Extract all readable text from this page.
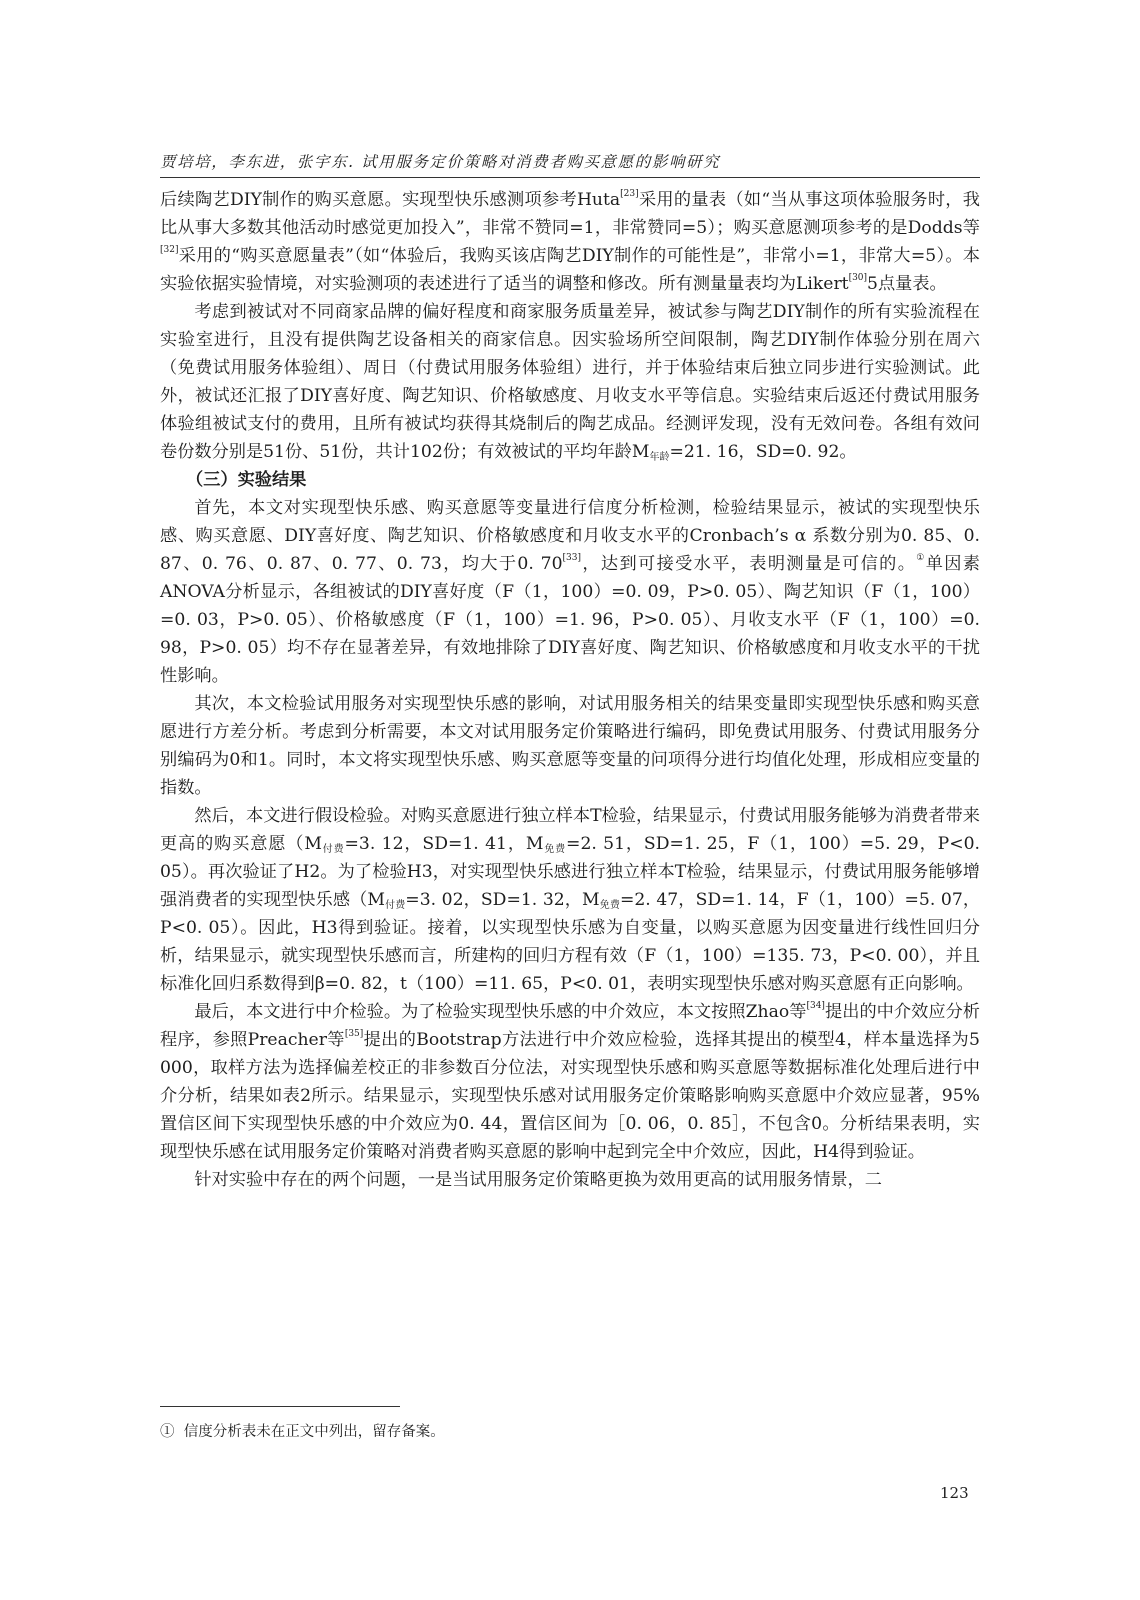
贾培培，李东进，张宇东. 试用服务定价策略对消费者购买意愿的影响研究

后续陶艺DIY制作的购买意愿。实现型快乐感测项参考Huta[23]采用的量表（如“当从事这项体验服务时，我比从事大多数其他活动时感觉更加投入”，非常不赞同=1，非常赞同=5）；购买意愿测项参考的是Dodds等[32]采用的“购买意愿量表”（如“体验后，我购买该店陶艺DIY制作的可能性是”，非常小=1，非常大=5）。本实验依据实验情境，对实验测项的表述进行了适当的调整和修改。所有测量量表均为Likert[30]5点量表。

考虑到被试对不同商家品牌的偏好程度和商家服务质量差异，被试参与陶艺DIY制作的所有实验流程在实验室进行，且没有提供陶艺设备相关的商家信息。因实验场所空间限制，陶艺DIY制作体验分别在周六（免费试用服务体验组）、周日（付费试用服务体验组）进行，并于体验结束后独立同步进行实验测试。此外，被试还汇报了DIY喜好度、陶艺知识、价格敏感度、月收支水平等信息。实验结束后返还付费试用服务体验组被试支付的费用，且所有被试均获得其烧制后的陶艺成品。经测评发现，没有无效问卷。各组有效问卷份数分别是51份、51份，共计102份；有效被试的平均年龄$M_{年龄}=21$. 16，SD=0. 92。

（三）实验结果

首先，本文对实现型快乐感、购买意愿等变量进行信度分析检测，检验结果显示，被试的实现型快乐感、购买意愿、DIY喜好度、陶艺知识、价格敏感度和月收支水平的Cronbach’s α 系数分别为0. 85、0. 87、0. 76、0. 87、0. 77、0. 73，均大于0. 70[33]，达到可接受水平，表明测量是可信的。①单因素ANOVA分析显示，各组被试的DIY喜好度（F（1，100）=0. 09，P>0. 05）、陶艺知识（F（1，100）=0. 03，P>0. 05）、价格敏感度（F（1，100）=1. 96，P>0. 05）、月收支水平（F（1，100）=0. 98，P>0. 05）均不存在显著差异，有效地排除了DIY喜好度、陶艺知识、价格敏感度和月收支水平的干扰性影响。

其次，本文检验试用服务对实现型快乐感的影响，对试用服务相关的结果变量即实现型快乐感和购买意愿进行方差分析。考虑到分析需要，本文对试用服务定价策略进行编码，即免费试用服务、付费试用服务分别编码为0和1。同时，本文将实现型快乐感、购买意愿等变量的问项得分进行均值化处理，形成相应变量的指数。

然后，本文进行假设检验。对购买意愿进行独立样本T检验，结果显示，付费试用服务能够为消费者带来更高的购买意愿（$M_{付费}=3$. 12，SD=1. 41，$M_{免费}=2$. 51，SD=1. 25，F（1，100）=5. 29，P<0. 05）。再次验证了H2。为了检验H3，对实现型快乐感进行独立样本T检验，结果显示，付费试用服务能够增强消费者的实现型快乐感（$M_{付费}=3$. 02，SD=1. 32，$M_{免费}=2$. 47，SD=1. 14，F（1，100）=5. 07，P<0. 05）。因此，H3得到验证。接着，以实现型快乐感为自变量，以购买意愿为因变量进行线性回归分析，结果显示，就实现型快乐感而言，所建构的回归方程有效（F（1，100）=135. 73，P<0. 00），并且标准化回归系数得到β=0. 82，t（100）=11. 65，P<0. 01，表明实现型快乐感对购买意愿有正向影响。

最后，本文进行中介检验。为了检验实现型快乐感的中介效应，本文按照Zhao等[34]提出的中介效应分析程序，参照Preacher等[35]提出的Bootstrap方法进行中介效应检验，选择其提出的模型4，样本量选择为5 000，取样方法为选择偏差校正的非参数百分位法，对实现型快乐感和购买意愿等数据标准化处理后进行中介分析，结果如表2所示。结果显示，实现型快乐感对试用服务定价策略影响购买意愿中介效应显著，95%置信区间下实现型快乐感的中介效应为0. 44，置信区间为［0. 06，0. 85］，不包含0。分析结果表明，实现型快乐感在试用服务定价策略对消费者购买意愿的影响中起到完全中介效应，因此，H4得到验证。

针对实验中存在的两个问题，一是当试用服务定价策略更换为效用更高的试用服务情景，二

① 信度分析表未在正文中列出，留存备案。
123
